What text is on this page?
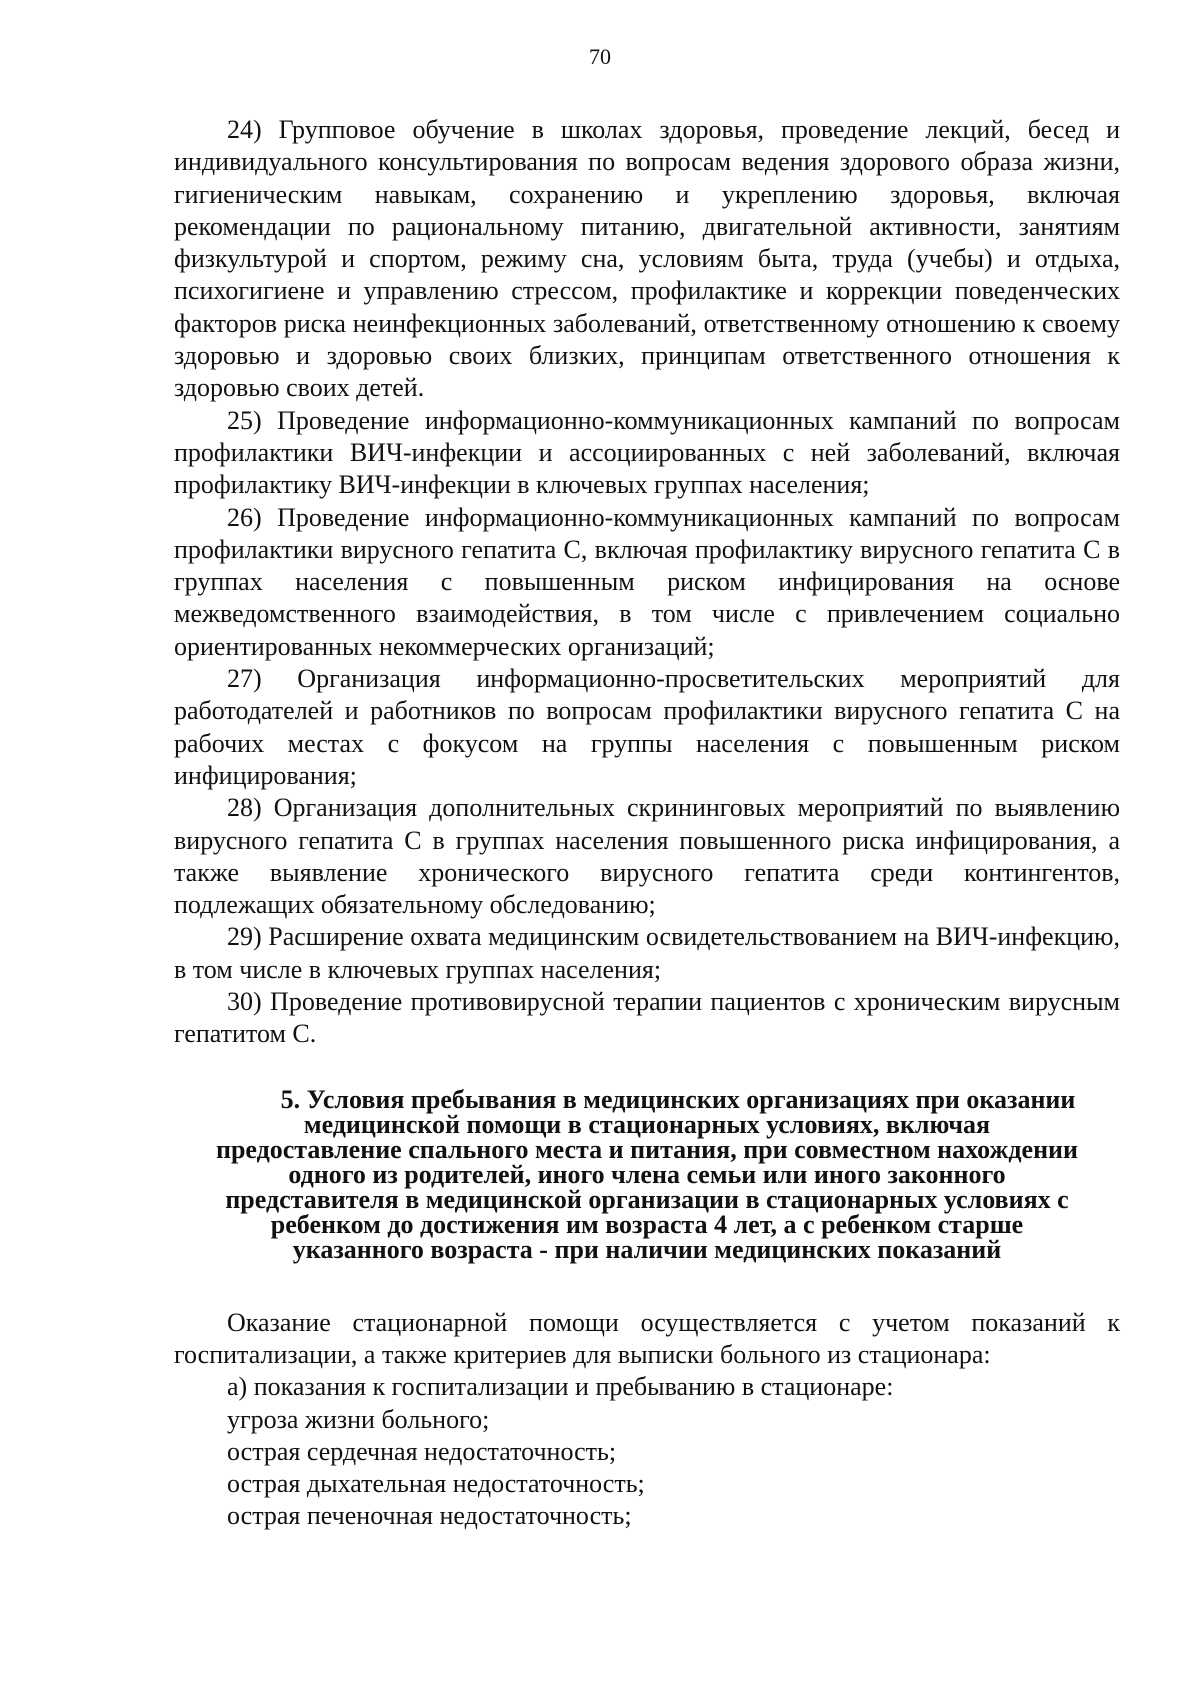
70

24) Групповое обучение в школах здоровья, проведение лекций, бесед и индивидуального консультирования по вопросам ведения здорового образа жизни, гигиеническим навыкам, сохранению и укреплению здоровья, включая рекомендации по рациональному питанию, двигательной активности, занятиям физкультурой и спортом, режиму сна, условиям быта, труда (учебы) и отдыха, психогигиене и управлению стрессом, профилактике и коррекции поведенческих факторов риска неинфекционных заболеваний, ответственному отношению к своему здоровью и здоровью своих близких, принципам ответственного отношения к здоровью своих детей.

25) Проведение информационно-коммуникационных кампаний по вопросам профилактики ВИЧ-инфекции и ассоциированных с ней заболеваний, включая профилактику ВИЧ-инфекции в ключевых группах населения;

26) Проведение информационно-коммуникационных кампаний по вопросам профилактики вирусного гепатита С, включая профилактику вирусного гепатита С в группах населения с повышенным риском инфицирования на основе межведомственного взаимодействия, в том числе с привлечением социально ориентированных некоммерческих организаций;

27) Организация информационно-просветительских мероприятий для работодателей и работников по вопросам профилактики вирусного гепатита С на рабочих местах с фокусом на группы населения с повышенным риском инфицирования;

28) Организация дополнительных скрининговых мероприятий по выявлению вирусного гепатита С в группах населения повышенного риска инфицирования, а также выявление хронического вирусного гепатита среди контингентов, подлежащих обязательному обследованию;

29) Расширение охвата медицинским освидетельствованием на ВИЧ-инфекцию, в том числе в ключевых группах населения;

30) Проведение противовирусной терапии пациентов с хроническим вирусным гепатитом С.

5. Условия пребывания в медицинских организациях при оказании
медицинской помощи в стационарных условиях, включая
предоставление спального места и питания, при совместном нахождении
одного из родителей, иного члена семьи или иного законного
представителя в медицинской организации в стационарных условиях с
ребенком до достижения им возраста 4 лет, а с ребенком старше
указанного возраста - при наличии медицинских показаний

Оказание стационарной помощи осуществляется с учетом показаний к госпитализации, а также критериев для выписки больного из стационара:

а) показания к госпитализации и пребыванию в стационаре:

угроза жизни больного;

острая сердечная недостаточность;

острая дыхательная недостаточность;

острая печеночная недостаточность;
